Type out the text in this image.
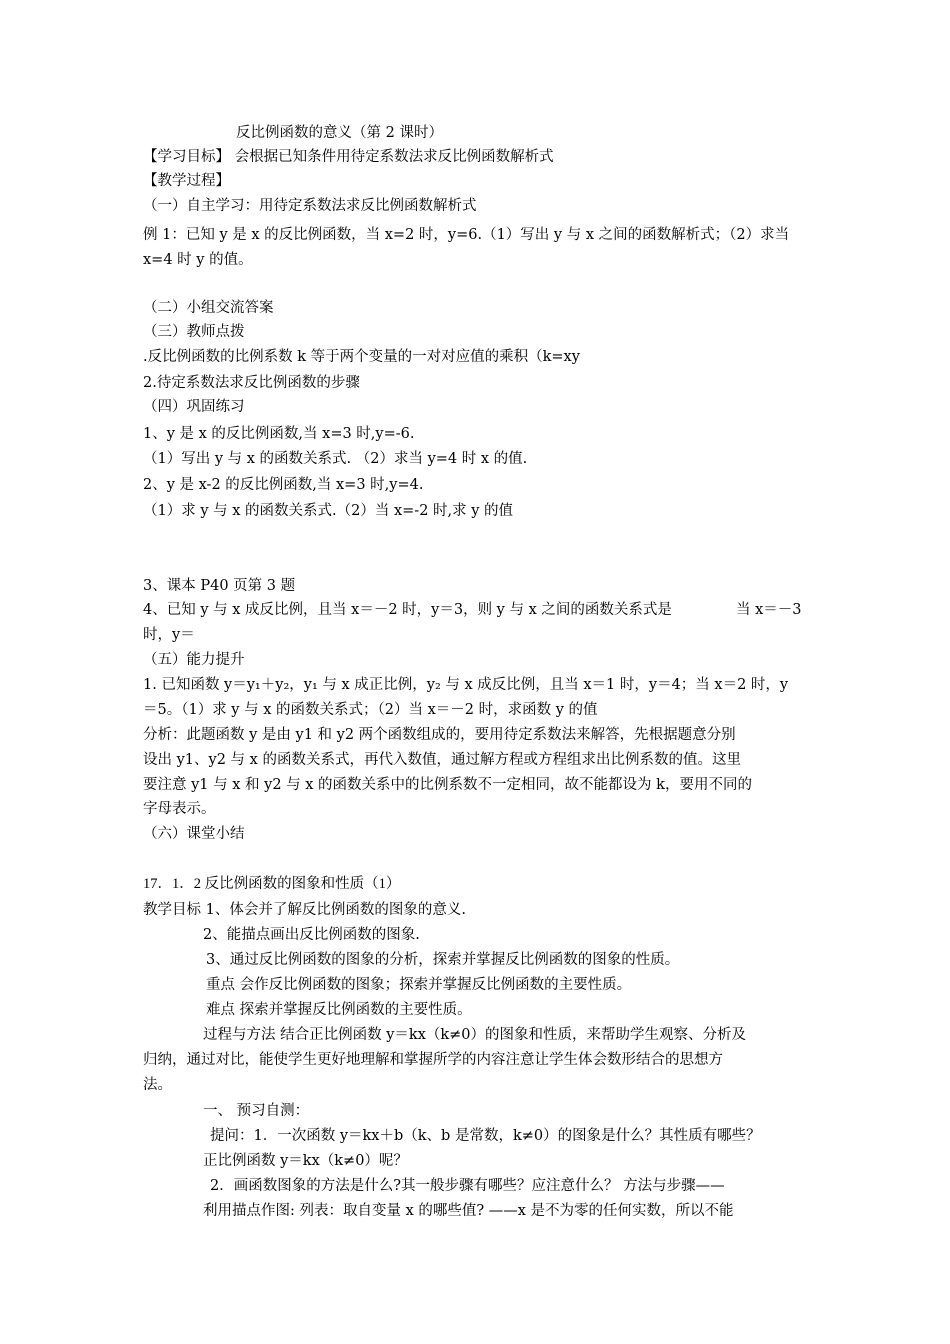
反比例函数的意义（第 2 课时）
【学习目标】 会根据已知条件用待定系数法求反比例函数解析式
【教学过程】
（一）自主学习：用待定系数法求反比例函数解析式
例 1：已知 y 是 x 的反比例函数，当 x=2 时，y=6.（1）写出 y 与 x 之间的函数解析式；（2）求当
x=4 时 y 的值。
（二）小组交流答案
（三）教师点拨
.反比例函数的比例系数 k 等于两个变量的一对对应值的乘积（k=xy
2.待定系数法求反比例函数的步骤
（四）巩固练习
1、y 是 x 的反比例函数,当 x=3 时,y=-6.
（1）写出 y 与 x 的函数关系式. （2）求当 y=4 时 x 的值.
2、y 是 x-2 的反比例函数,当 x=3 时,y=4.
（1）求 y 与 x 的函数关系式.（2）当 x=-2 时,求 y 的值
3、课本 P40 页第 3 题
4、已知 y 与 x 成反比例，且当 x＝－2 时，y＝3，则 y 与 x 之间的函数关系式是	当 x＝－3
时，y＝
（五）能力提升
1. 已知函数 y＝y₁＋y₂，y₁ 与 x 成正比例，y₂ 与 x 成反比例，且当 x＝1 时，y＝4；当 x＝2 时，y
＝5。（1）求 y 与 x 的函数关系式；（2）当 x＝－2 时，求函数 y 的值
分析：此题函数 y 是由 y1 和 y2 两个函数组成的，要用待定系数法来解答，先根据题意分别
设出 y1、y2 与 x 的函数关系式，再代入数值，通过解方程或方程组求出比例系数的值。这里
要注意 y1 与 x 和 y2 与 x 的函数关系中的比例系数不一定相同，故不能都设为 k，要用不同的
字母表示。
（六）课堂小结
17．1．2 反比例函数的图象和性质（1）
教学目标 1、体会并了解反比例函数的图象的意义.
2、能描点画出反比例函数的图象.
3、通过反比例函数的图象的分析，探索并掌握反比例函数的图象的性质。
重点 会作反比例函数的图象；探索并掌握反比例函数的主要性质。
难点 探索并掌握反比例函数的主要性质。
过程与方法 结合正比例函数 y＝kx（k≠0）的图象和性质，来帮助学生观察、分析及
归纳，通过对比，能使学生更好地理解和掌握所学的内容注意让学生体会数形结合的思想方
法。
一、 预习自测：
提问：1．一次函数 y＝kx＋b（k、b 是常数，k≠0）的图象是什么？其性质有哪些？
正比例函数 y＝kx（k≠0）呢？
2．画函数图象的方法是什么?其一般步骤有哪些？应注意什么？ 方法与步骤——
利用描点作图: 列表：取自变量 x 的哪些值? ——x 是不为零的任何实数，所以不能
